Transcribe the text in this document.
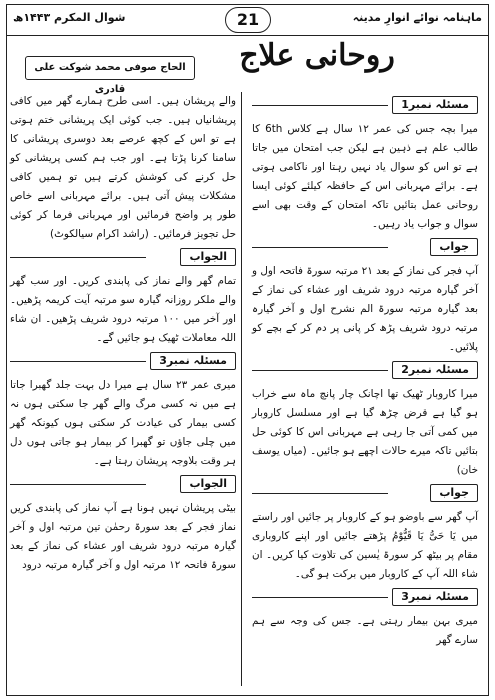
شوال المکرم ۱۴۴۳ھ	21	ماہنامہ نوائے انوارِ مدینہ
روحانی علاج
الحاج صوفی محمد شوکت علی قادری
مسئلہ نمبر1

میرا بچہ جس کی عمر ۱۲ سال ہے کلاس 6th کا طالب علم ہے ذہین ہے لیکن جب امتحان میں جاتا ہے تو اس کو سوال یاد نہیں رہتا اور ناکامی ہوتی ہے۔ برائے مہربانی اس کے حافظہ کیلئے کوئی ایسا روحانی عمل بتائیں تاکہ امتحان کے وقت بھی اسے سوال و جواب یاد رہیں۔

جواب

آپ فجر کی نماز کے بعد ۲۱ مرتبہ سورۃ فاتحہ اول و آخر گیارہ مرتبہ درود شریف اور عشاء کی نماز کے بعد گیارہ مرتبہ سورۃ الم نشرح اول و آخر گیارہ مرتبہ درود شریف پڑھ کر پانی پر دم کر کے بچے کو پلائیں۔

مسئلہ نمبر2

میرا کاروبار ٹھیک تھا اچانک چار پانچ ماہ سے خراب ہو گیا ہے قرض چڑھ گیا ہے اور مسلسل کاروبار میں کمی آتی جا رہی ہے مہربانی اس کا کوئی حل بتائیں تاکہ میرے حالات اچھے ہو جائیں۔ (میاں یوسف خان)

جواب

آپ گھر سے باوضو ہو کے کاروبار پر جائیں اور راستے میں یَا حَیُّ یَا قَیُّوْمُ پڑھتے جائیں اور اپنے کاروباری مقام پر بیٹھ کر سورۃ یٰسین کی تلاوت کیا کریں۔ ان شاء اللہ آپ کے کاروبار میں برکت ہو گی۔

مسئلہ نمبر3

میری بہن بیمار رہتی ہے۔ جس کی وجہ سے ہم سارے گھر

والے پریشان ہیں۔ اسی طرح ہمارے گھر میں کافی پریشانیاں ہیں۔ جب کوئی ایک پریشانی ختم ہوتی ہے تو اس کے کچھ عرصے بعد دوسری پریشانی کا سامنا کرنا پڑتا ہے۔ اور جب ہم کسی پریشانی کو حل کرنے کی کوشش کرتے ہیں تو ہمیں کافی مشکلات پیش آتی ہیں۔ برائے مہربانی اسے خاص طور پر واضح فرمائیں اور مہربانی فرما کر کوئی حل تجویز فرمائیں۔ (راشد اکرام سیالکوٹ)

الجواب

تمام گھر والے نماز کی پابندی کریں۔ اور سب گھر والے ملکر روزانہ گیارہ سو مرتبہ آیت کریمہ پڑھیں۔ اور آخر میں ۱۰۰ مرتبہ درود شریف پڑھیں۔ ان شاء اللہ معاملات ٹھیک ہو جائیں گے۔

مسئلہ نمبر3

میری عمر ۲۳ سال ہے میرا دل بہت جلد گھبرا جاتا ہے میں نہ کسی مرگ والے گھر جا سکتی ہوں نہ کسی بیمار کی عیادت کر سکتی ہوں کیونکہ گھر میں چلی جاؤں تو گھبرا کر بیمار ہو جاتی ہوں دل ہر وقت بلاوجہ پریشان رہتا ہے۔

الجواب

بیٹی پریشان نہیں ہونا ہے آپ نماز کی پابندی کریں نماز فجر کے بعد سورۃ رحمٰن تین مرتبہ اول و آخر گیارہ مرتبہ درود شریف اور عشاء کی نماز کے بعد سورۃ فاتحہ ۱۲ مرتبہ اول و آخر گیارہ مرتبہ درود
